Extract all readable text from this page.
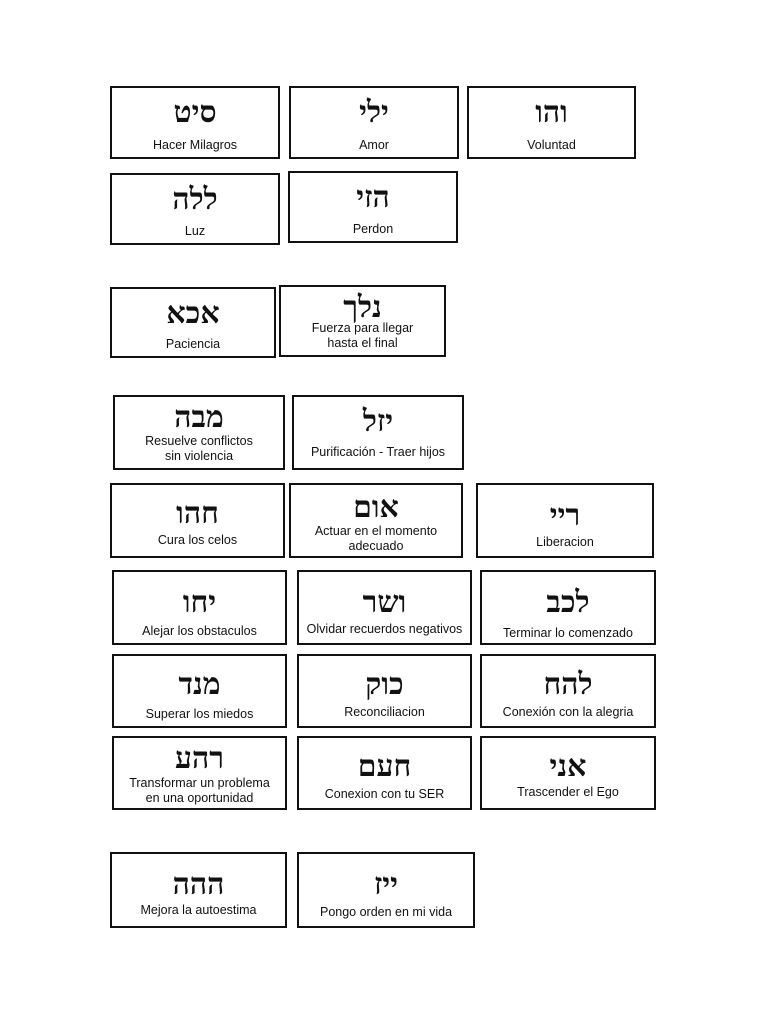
סיט
Hacer Milagros
ילי
Amor
והו
Voluntad
ללה
Luz
הזי
Perdon
אכא
Paciencia
נלך
Fuerza para llegar
hasta el final
מבה
Resuelve conflictos
sin violencia
יזל
Purificación - Traer hijos
חהו
Cura los celos
אום
Actuar en el momento
adecuado
ריי
Liberacion
יחו
Alejar los obstaculos
ושר
Olvidar recuerdos negativos
לכב
Terminar lo comenzado
מנד
Superar los miedos
כוק
Reconciliacion
להח
Conexión con la alegria
רהע
Transformar un problema
en una oportunidad
חעם
Conexion con tu SER
אני
Trascender el Ego
ההה
Mejora la autoestima
ייז
Pongo orden en mi vida
